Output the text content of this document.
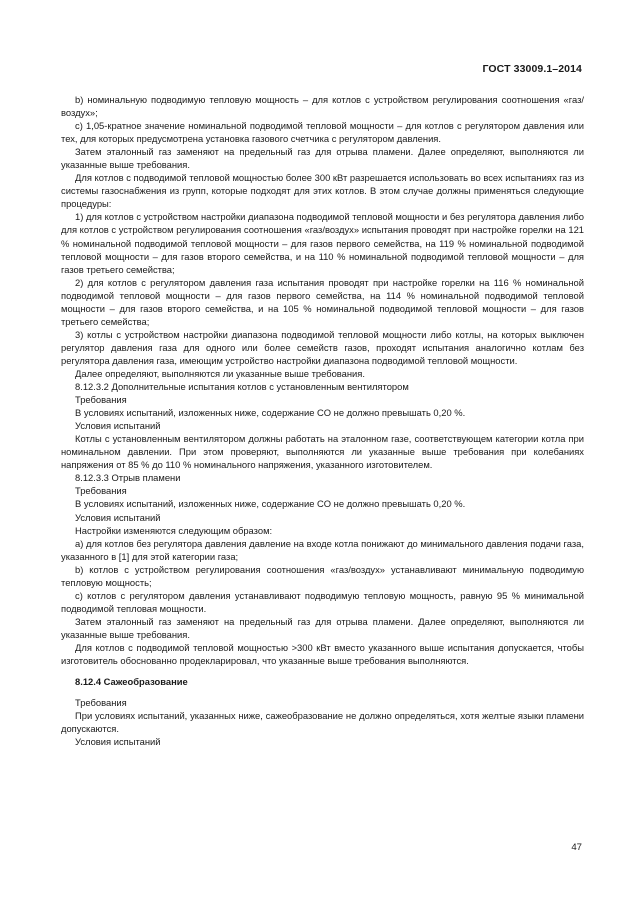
ГОСТ 33009.1–2014

b) номинальную подводимую тепловую мощность – для котлов с устройством регулирования соотношения «газ/воздух»;

c) 1,05-кратное значение номинальной подводимой тепловой мощности – для котлов с регулятором давления или тех, для которых предусмотрена установка газового счетчика с регулятором давления.

Затем эталонный газ заменяют на предельный газ для отрыва пламени. Далее определяют, выполняются ли указанные выше требования.

Для котлов с подводимой тепловой мощностью более 300 кВт разрешается использовать во всех испытаниях газ из системы газоснабжения из групп, которые подходят для этих котлов. В этом случае должны применяться следующие процедуры:

1) для котлов с устройством настройки диапазона подводимой тепловой мощности и без регулятора давления либо для котлов с устройством регулирования соотношения «газ/воздух» испытания проводят при настройке горелки на 121 % номинальной подводимой тепловой мощности – для газов первого семейства, на 119 % номинальной подводимой тепловой мощности – для газов второго семейства, и на 110 % номинальной подводимой тепловой мощности – для газов третьего семейства;

2) для котлов с регулятором давления газа испытания проводят при настройке горелки на 116 % номинальной подводимой тепловой мощности – для газов первого семейства, на 114 % номинальной подводимой тепловой мощности – для газов второго семейства, и на 105 % номинальной подводимой тепловой мощности – для газов третьего семейства;

3) котлы с устройством настройки диапазона подводимой тепловой мощности либо котлы, на которых выключен регулятор давления газа для одного или более семейств газов, проходят испытания аналогично котлам без регулятора давления газа, имеющим устройство настройки диапазона подводимой тепловой мощности.

Далее определяют, выполняются ли указанные выше требования.

8.12.3.2 Дополнительные испытания котлов с установленным вентилятором

Требования

В условиях испытаний, изложенных ниже, содержание CO не должно превышать 0,20 %.

Условия испытаний

Котлы с установленным вентилятором должны работать на эталонном газе, соответствующем категории котла при номинальном давлении. При этом проверяют, выполняются ли указанные выше требования при колебаниях напряжения от 85 % до 110 % номинального напряжения, указанного изготовителем.

8.12.3.3 Отрыв пламени

Требования

В условиях испытаний, изложенных ниже, содержание CO не должно превышать 0,20 %.

Условия испытаний

Настройки изменяются следующим образом:

a) для котлов без регулятора давления давление на входе котла понижают до минимального давления подачи газа, указанного в [1] для этой категории газа;

b) котлов с устройством регулирования соотношения «газ/воздух» устанавливают минимальную подводимую тепловую мощность;

c) котлов с регулятором давления устанавливают подводимую тепловую мощность, равную 95 % минимальной подводимой тепловая мощности.

Затем эталонный газ заменяют на предельный газ для отрыва пламени. Далее определяют, выполняются ли указанные выше требования.

Для котлов с подводимой тепловой мощностью >300 кВт вместо указанного выше испытания допускается, чтобы изготовитель обоснованно продекларировал, что указанные выше требования выполняются.

8.12.4 Сажеобразование

Требования

При условиях испытаний, указанных ниже, сажеобразование не должно определяться, хотя желтые языки пламени допускаются.

Условия испытаний

47
